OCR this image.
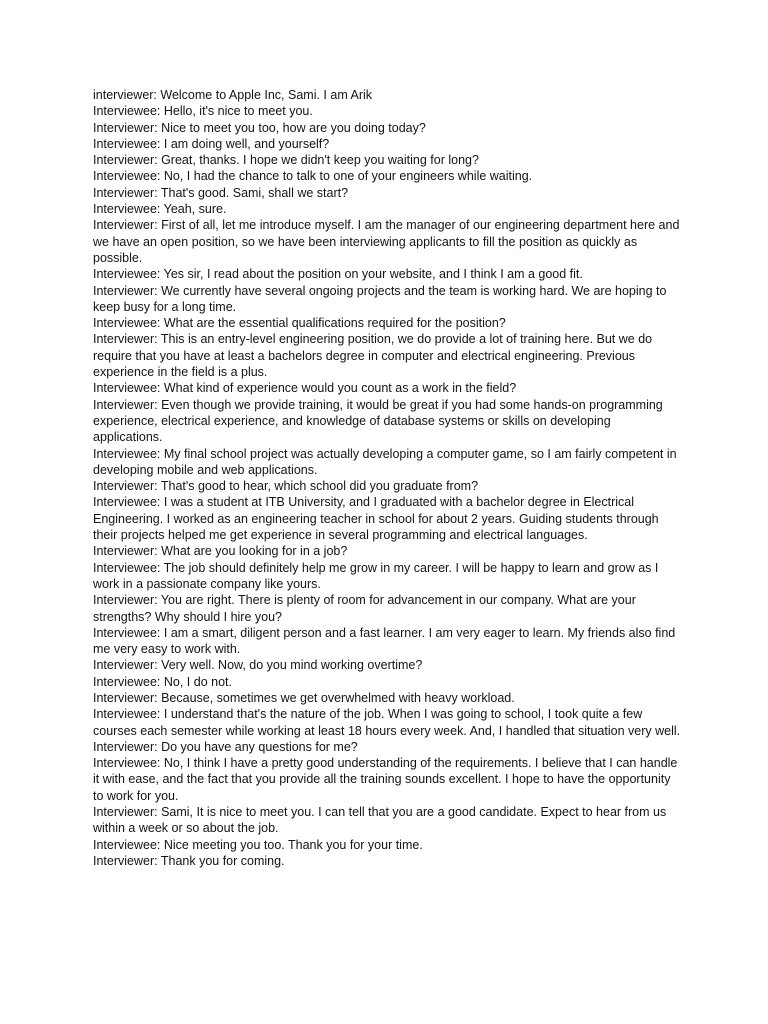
interviewer: Welcome to Apple Inc, Sami. I am Arik
Interviewee: Hello, it's nice to meet you.
Interviewer: Nice to meet you too, how are you doing today?
Interviewee: I am doing well, and yourself?
Interviewer: Great, thanks. I hope we didn't keep you waiting for long?
Interviewee: No, I had the chance to talk to one of your engineers while waiting.
Interviewer: That's good. Sami, shall we start?
Interviewee: Yeah, sure.
Interviewer: First of all, let me introduce myself. I am the manager of our engineering department here and we have an open position, so we have been interviewing applicants to fill the position as quickly as possible.
Interviewee: Yes sir, I read about the position on your website, and I think I am a good fit.
Interviewer: We currently have several ongoing projects and the team is working hard. We are hoping to keep busy for a long time.
Interviewee: What are the essential qualifications required for the position?
Interviewer: This is an entry-level engineering position, we do provide a lot of training here. But we do require that you have at least a bachelors degree in computer and electrical engineering. Previous experience in the field is a plus.
Interviewee: What kind of experience would you count as a work in the field?
Interviewer: Even though we provide training, it would be great if you had some hands-on programming experience, electrical experience, and knowledge of database systems or skills on developing applications.
Interviewee: My final school project was actually developing a computer game, so I am fairly competent in developing mobile and web applications.
Interviewer: That's good to hear, which school did you graduate from?
Interviewee: I was a student at ITB University, and I graduated with a bachelor degree in Electrical Engineering. I worked as an engineering teacher in school for about 2 years. Guiding students through their projects helped me get experience in several programming and electrical languages.
Interviewer: What are you looking for in a job?
Interviewee: The job should definitely help me grow in my career. I will be happy to learn and grow as I work in a passionate company like yours.
Interviewer: You are right. There is plenty of room for advancement in our company. What are your strengths? Why should I hire you?
Interviewee: I am a smart, diligent person and a fast learner. I am very eager to learn. My friends also find me very easy to work with.
Interviewer: Very well. Now, do you mind working overtime?
Interviewee: No, I do not.
Interviewer: Because, sometimes we get overwhelmed with heavy workload.
Interviewee: I understand that's the nature of the job. When I was going to school, I took quite a few courses each semester while working at least 18 hours every week. And, I handled that situation very well.
Interviewer: Do you have any questions for me?
Interviewee: No, I think I have a pretty good understanding of the requirements. I believe that I can handle it with ease, and the fact that you provide all the training sounds excellent. I hope to have the opportunity to work for you.
Interviewer: Sami, It is nice to meet you. I can tell that you are a good candidate. Expect to hear from us within a week or so about the job.
Interviewee: Nice meeting you too. Thank you for your time.
Interviewer: Thank you for coming.
